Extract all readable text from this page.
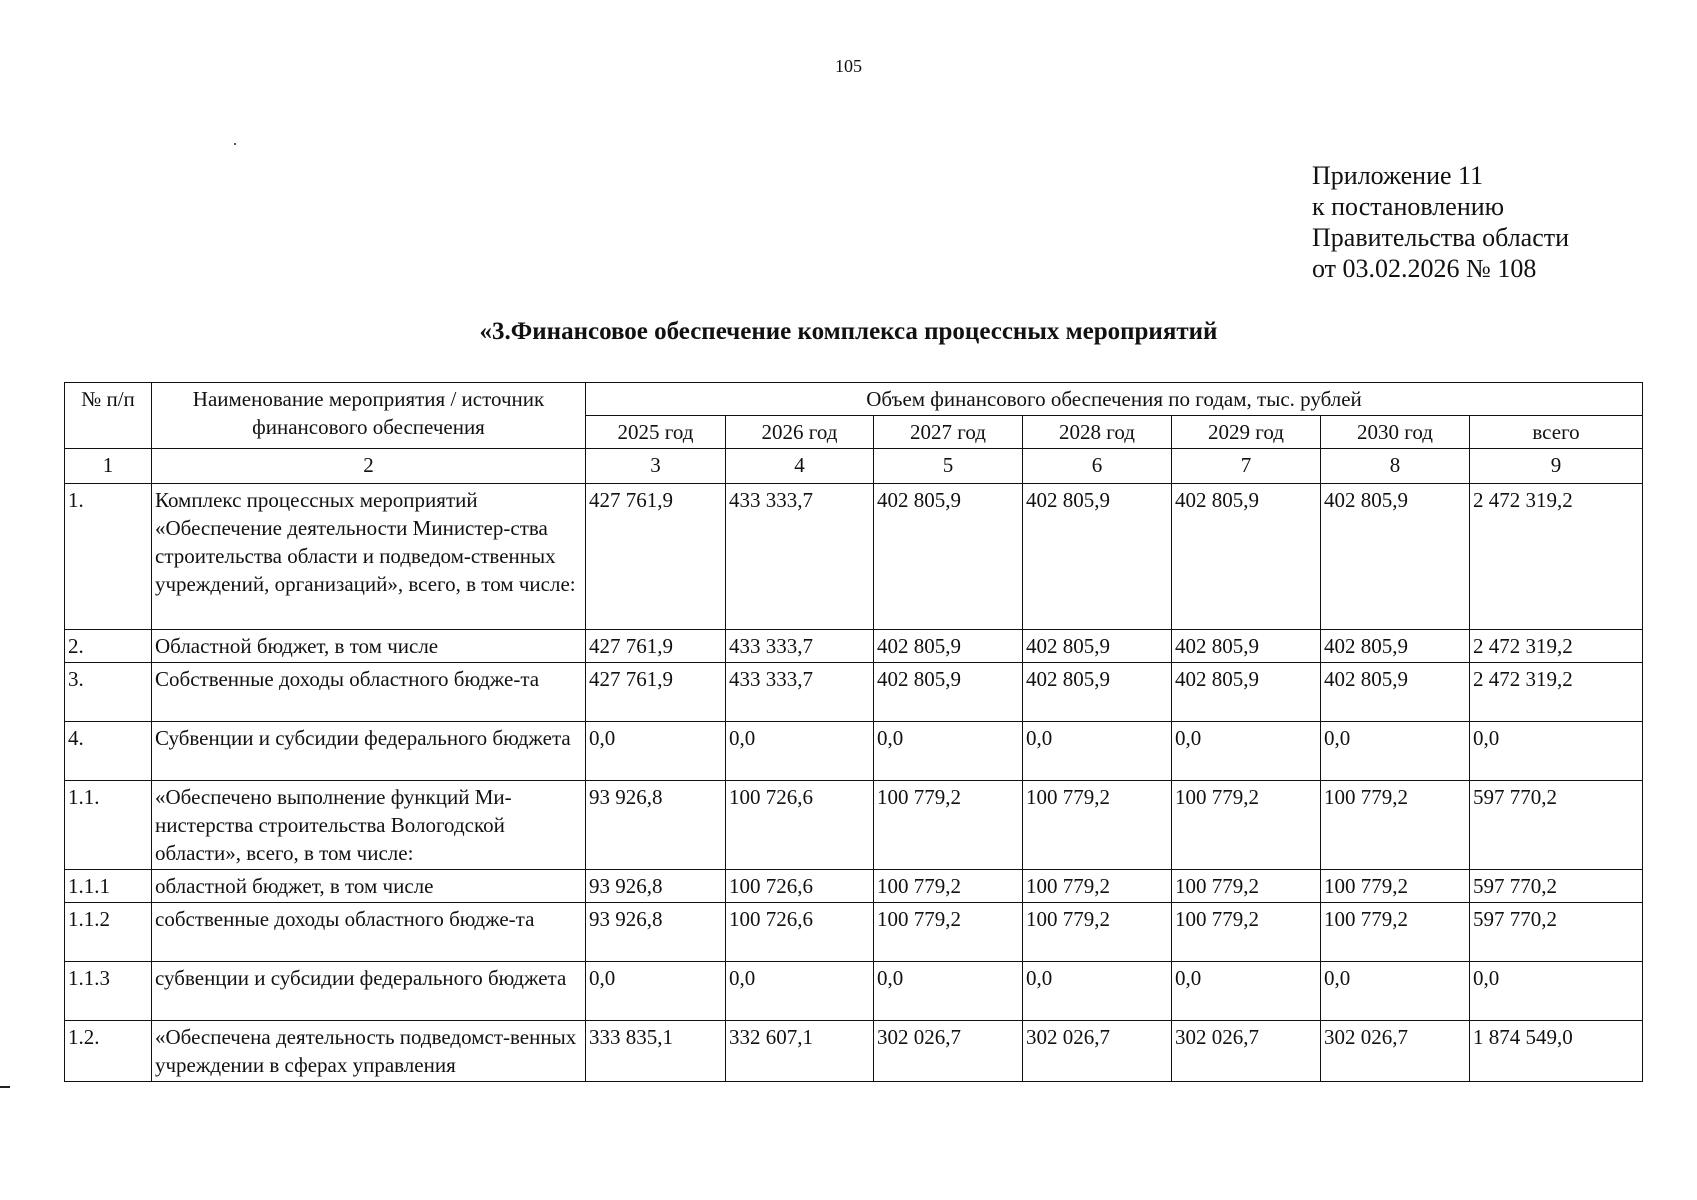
105
Приложение 11
к постановлению
Правительства области
от 03.02.2026 № 108
«3.Финансовое обеспечение комплекса процессных мероприятий
№ п/п	Наименование мероприятия / источник финансового обеспечения	Объем финансового обеспечения по годам, тыс. рублей						
		2025 год	2026 год	2027 год	2028 год	2029 год	2030 год	всего
1	2	3	4	5	6	7	8	9
1.	Комплекс процессных мероприятий «Обеспечение деятельности Министер-ства строительства области и подведом-ственных учреждений, организаций», всего, в том числе:	427 761,9	433 333,7	402 805,9	402 805,9	402 805,9	402 805,9	2 472 319,2
2.	Областной бюджет, в том числе	427 761,9	433 333,7	402 805,9	402 805,9	402 805,9	402 805,9	2 472 319,2
3.	Собственные доходы областного бюдже-та	427 761,9	433 333,7	402 805,9	402 805,9	402 805,9	402 805,9	2 472 319,2
4.	Субвенции и субсидии федерального бюджета	0,0	0,0	0,0	0,0	0,0	0,0	0,0
1.1.	«Обеспечено выполнение функций Ми-нистерства строительства Вологодской области», всего, в том числе:	93 926,8	100 726,6	100 779,2	100 779,2	100 779,2	100 779,2	597 770,2
1.1.1	областной бюджет, в том числе	93 926,8	100 726,6	100 779,2	100 779,2	100 779,2	100 779,2	597 770,2
1.1.2	собственные доходы областного бюдже-та	93 926,8	100 726,6	100 779,2	100 779,2	100 779,2	100 779,2	597 770,2
1.1.3	субвенции и субсидии федерального бюджета	0,0	0,0	0,0	0,0	0,0	0,0	0,0
1.2.	«Обеспечена деятельность подведомст-венных учреждении в сферах управления	333 835,1	332 607,1	302 026,7	302 026,7	302 026,7	302 026,7	1 874 549,0
